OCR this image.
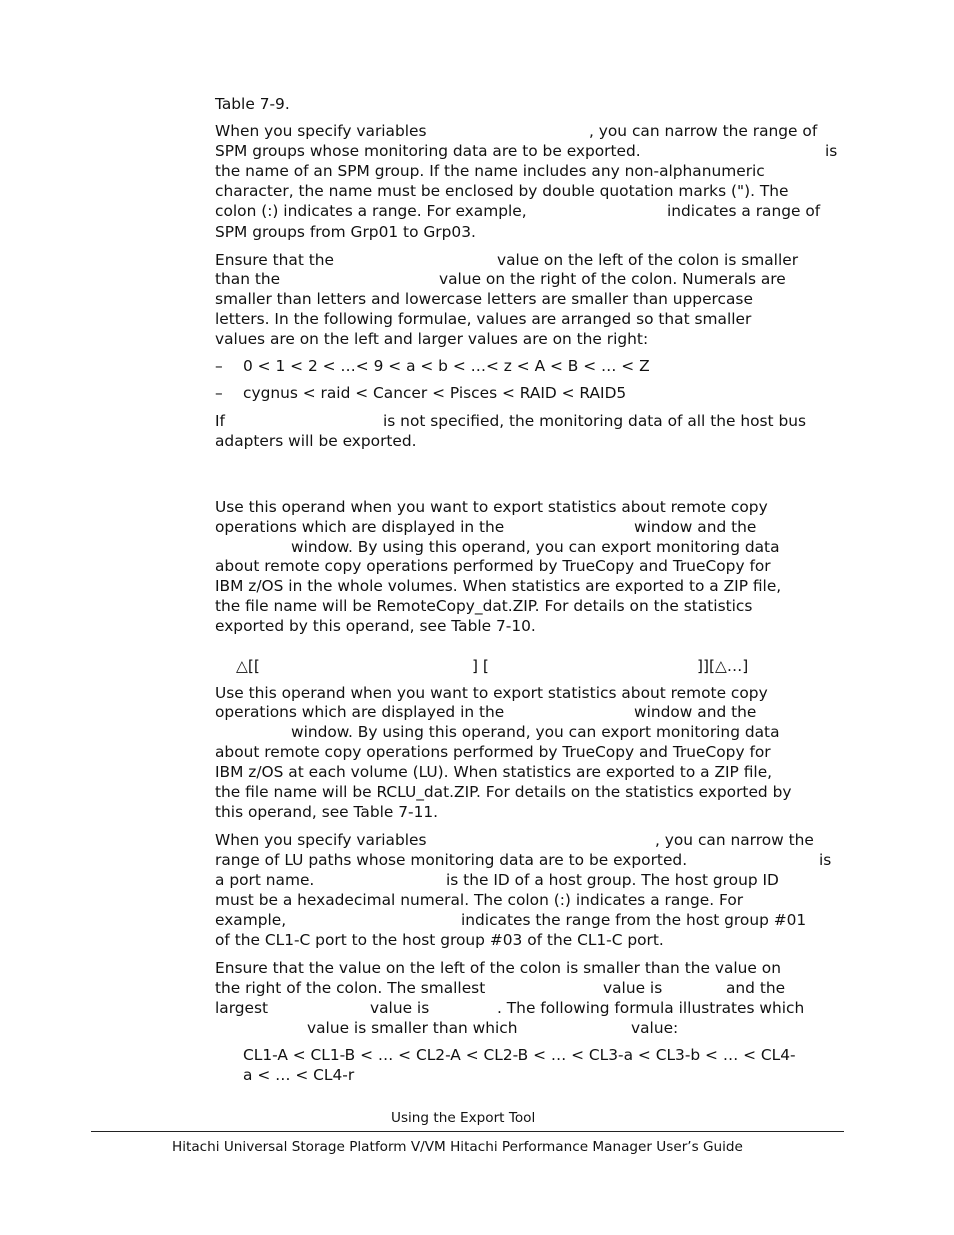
Table 7-9.
When you specify variables	, you can narrow the range of
SPM groups whose monitoring data are to be exported.	is
the name of an SPM group. If the name includes any non-alphanumeric
character, the name must be enclosed by double quotation marks ("). The
colon (:) indicates a range. For example,	indicates a range of
SPM groups from Grp01 to Grp03.
Ensure that the	value on the left of the colon is smaller
than the	value on the right of the colon. Numerals are
smaller than letters and lowercase letters are smaller than uppercase
letters. In the following formulae, values are arranged so that smaller
values are on the left and larger values are on the right:
– 0 < 1 < 2 < …< 9 < a < b < …< z < A < B < … < Z
– cygnus < raid < Cancer < Pisces < RAID < RAID5
If	is not specified, the monitoring data of all the host bus
adapters will be exported.
Use this operand when you want to export statistics about remote copy
operations which are displayed in the	window and the
window. By using this operand, you can export monitoring data
about remote copy operations performed by TrueCopy and TrueCopy for
IBM z/OS in the whole volumes. When statistics are exported to a ZIP file,
the file name will be RemoteCopy_dat.ZIP. For details on the statistics
exported by this operand, see Table 7-10.
△[[	] [	]][△…]
Use this operand when you want to export statistics about remote copy
operations which are displayed in the	window and the
window. By using this operand, you can export monitoring data
about remote copy operations performed by TrueCopy and TrueCopy for
IBM z/OS at each volume (LU). When statistics are exported to a ZIP file,
the file name will be RCLU_dat.ZIP. For details on the statistics exported by
this operand, see Table 7-11.
When you specify variables	, you can narrow the
range of LU paths whose monitoring data are to be exported.	is
a port name.	is the ID of a host group. The host group ID
must be a hexadecimal numeral. The colon (:) indicates a range. For
example,	indicates the range from the host group #01
of the CL1-C port to the host group #03 of the CL1-C port.
Ensure that the value on the left of the colon is smaller than the value on
the right of the colon. The smallest	value is	and the
largest	value is	. The following formula illustrates which
value is smaller than which	value:
CL1-A < CL1-B < … < CL2-A < CL2-B < … < CL3-a < CL3-b < … < CL4-
a < … < CL4-r
Using the Export Tool
Hitachi Universal Storage Platform V/VM Hitachi Performance Manager User’s Guide
